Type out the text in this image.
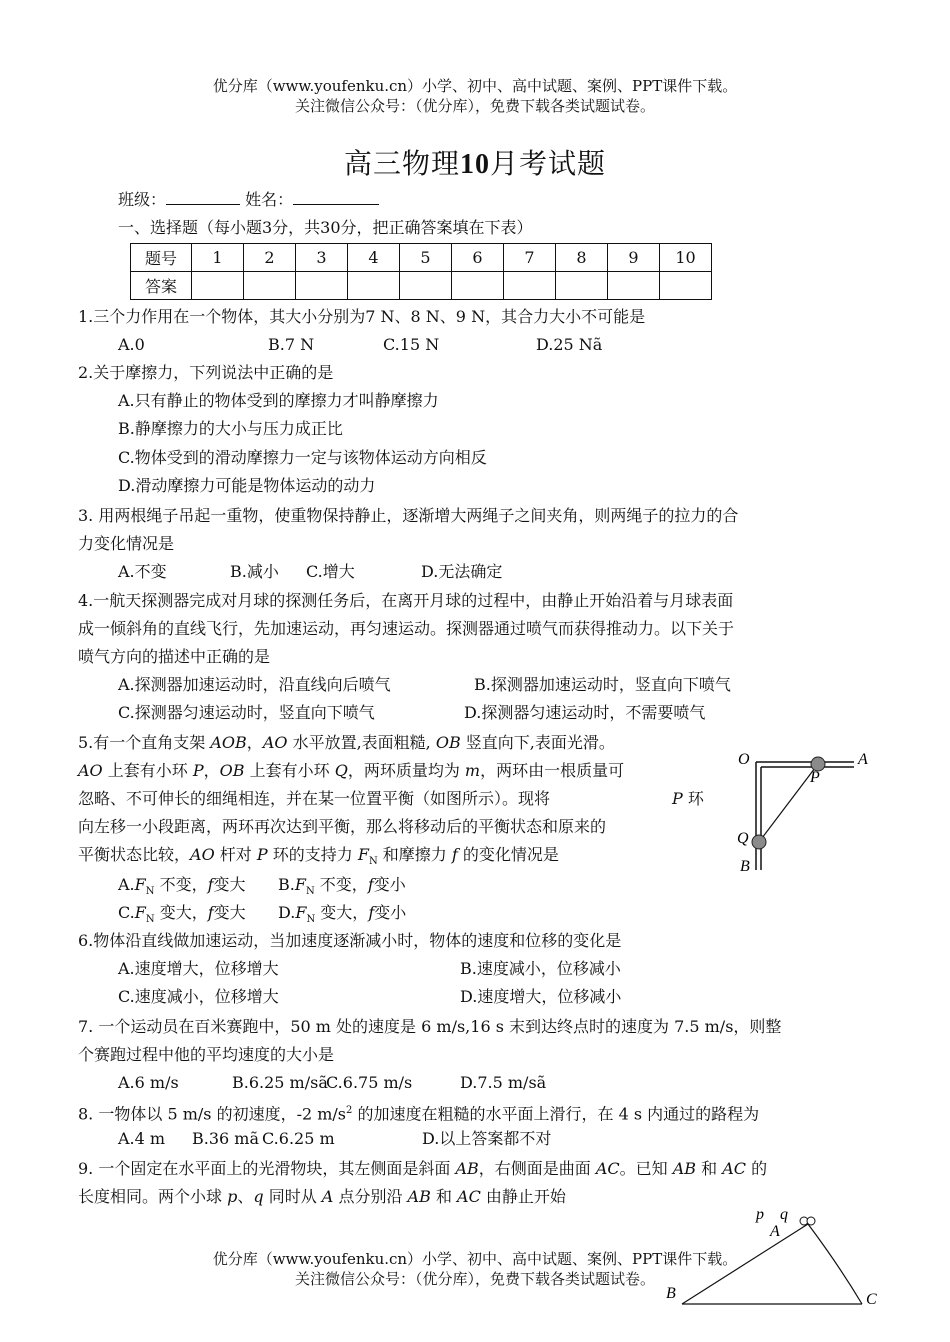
优分库（www.youfenku.cn）小学、初中、高中试题、案例、PPT课件下载。
关注微信公众号：（优分库），免费下载各类试题试卷。
高三物理10月考试题
班级：	姓名：
一、选择题（每小题3分，共30分，把正确答案填在下表）
题号	1	2	3	4	5	6	7	8	9	10
答案										
1.三个力作用在一个物体，其大小分别为7 N、8 N、9 N，其合力大小不可能是
A.0	B.7 N	C.15 N	D.25 Nã
2.关于摩擦力，下列说法中正确的是
A.只有静止的物体受到的摩擦力才叫静摩擦力
B.静摩擦力的大小与压力成正比
C.物体受到的滑动摩擦力一定与该物体运动方向相反
D.滑动摩擦力可能是物体运动的动力
3. 用两根绳子吊起一重物，使重物保持静止，逐渐增大两绳子之间夹角，则两绳子的拉力的合
力变化情况是
A.不变	B.减小 C.增大	D.无法确定
4.一航天探测器完成对月球的探测任务后，在离开月球的过程中，由静止开始沿着与月球表面
成一倾斜角的直线飞行，先加速运动，再匀速运动。探测器通过喷气而获得推动力。以下关于
喷气方向的描述中正确的是
A.探测器加速运动时，沿直线向后喷气	B.探测器加速运动时，竖直向下喷气
C.探测器匀速运动时，竖直向下喷气	D.探测器匀速运动时，不需要喷气
5.有一个直角支架 AOB，AO 水平放置,表面粗糙, OB 竖直向下,表面光滑。
AO 上套有小环 P，OB 上套有小环 Q，两环质量均为 m，两环由一根质量可
忽略、不可伸长的细绳相连，并在某一位置平衡（如图所示）。现将	P 环
向左移一小段距离，两环再次达到平衡，那么将移动后的平衡状态和原来的
平衡状态比较，AO 杆对 P 环的支持力 $F_N$ 和摩擦力 f 的变化情况是
$A.F_N$ 不变，f变大 $B.F_N$ 不变，f变小
$C.F_N$ 变大，f变大 $D.F_N$ 变大，f变小
O	A
P
Q
B
6.物体沿直线做加速运动，当加速度逐渐减小时，物体的速度和位移的变化是
A.速度增大，位移增大	B.速度减小，位移减小
C.速度减小，位移增大	D.速度增大，位移减小
7. 一个运动员在百米赛跑中，50 m 处的速度是 6 m/s,16 s 末到达终点时的速度为 7.5 m/s，则整
个赛跑过程中他的平均速度的大小是
A.6 m/s	B.6.25 m/sã
C.6.75 m/s	D.7.5 m/sã
8. 一物体以 5 m/s 的初速度，-2 $m/s^2$ 的加速度在粗糙的水平面上滑行，在 4 s 内通过的路程为
A.4 m B.36 mã C.6.25 m	D.以上答案都不对
9. 一个固定在水平面上的光滑物块，其左侧面是斜面 AB，右侧面是曲面 AC。已知 AB 和 AC 的
长度相同。两个小球 p、q 同时从 A 点分别沿 AB 和 AC 由静止开始
优分库（www.youfenku.cn）小学、初中、高中试题、案例、PPT课件下载。
关注微信公众号：（优分库），免费下载各类试题试卷。
p q
A
B	C
